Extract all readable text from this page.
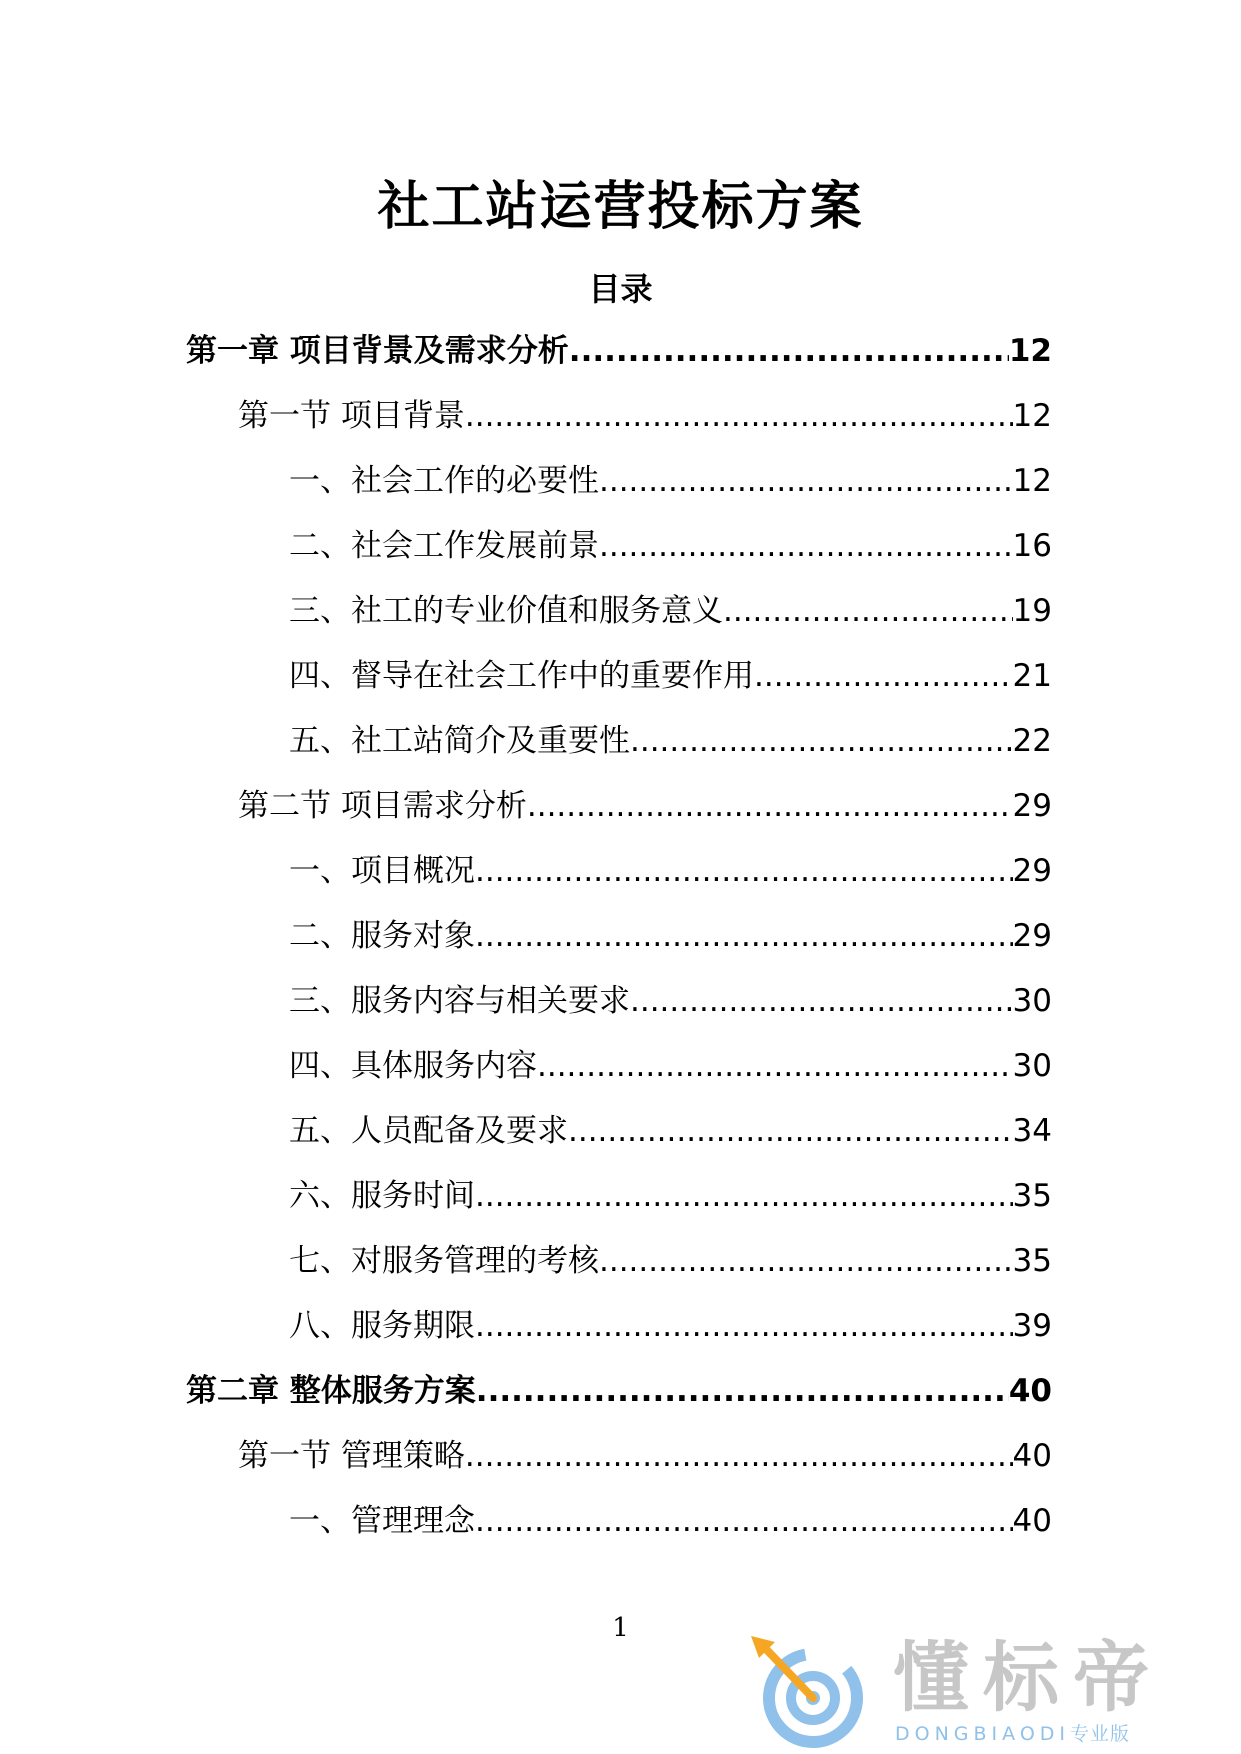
社工站运营投标方案
目录
第一章 项目背景及需求分析 .....	12
第一节 项目背景 .....	12
一、社会工作的必要性 .....	12
二、社会工作发展前景 .....	16
三、社工的专业价值和服务意义 .....	19
四、督导在社会工作中的重要作用 .....	21
五、社工站简介及重要性 .....	22
第二节 项目需求分析 .....	29
一、项目概况 .....	29
二、服务对象 .....	29
三、服务内容与相关要求 .....	30
四、具体服务内容 .....	30
五、人员配备及要求 .....	34
六、服务时间 .....	35
七、对服务管理的考核 .....	35
八、服务期限 .....	39
第二章 整体服务方案 .....	40
第一节 管理策略 .....	40
一、管理理念 .....	40
1
懂标帝
DONGBIAODI专业版
